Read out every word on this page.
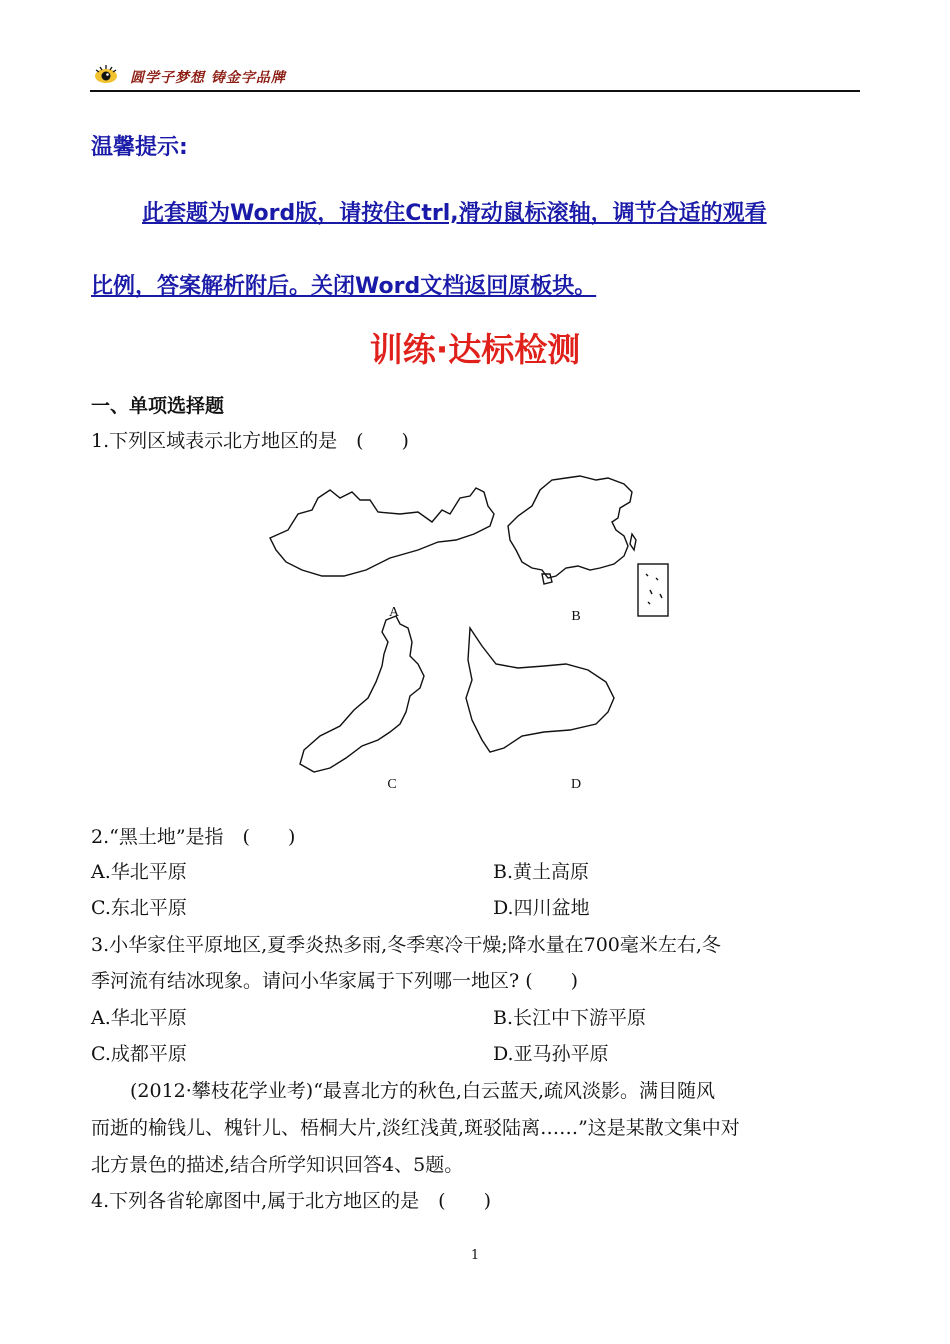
圆学子梦想 铸金字品牌
温馨提示:
此套题为Word版，请按住Ctrl,滑动鼠标滚轴，调节合适的观看
比例，答案解析附后。关闭Word文档返回原板块。
训练·达标检测
一、单项选择题
1.下列区域表示北方地区的是　(　　)
A	B
C	D
2.“黑土地”是指　(　　)
A.华北平原	B.黄土高原
C.东北平原	D.四川盆地
3.小华家住平原地区,夏季炎热多雨,冬季寒冷干燥;降水量在700毫米左右,冬
季河流有结冰现象。请问小华家属于下列哪一地区? (　　)
A.华北平原	B.长江中下游平原
C.成都平原	D.亚马孙平原
(2012·攀枝花学业考)“最喜北方的秋色,白云蓝天,疏风淡影。满目随风
而逝的榆钱儿、槐针儿、梧桐大片,淡红浅黄,斑驳陆离……”这是某散文集中对
北方景色的描述,结合所学知识回答4、5题。
4.下列各省轮廓图中,属于北方地区的是　(　　)
1
